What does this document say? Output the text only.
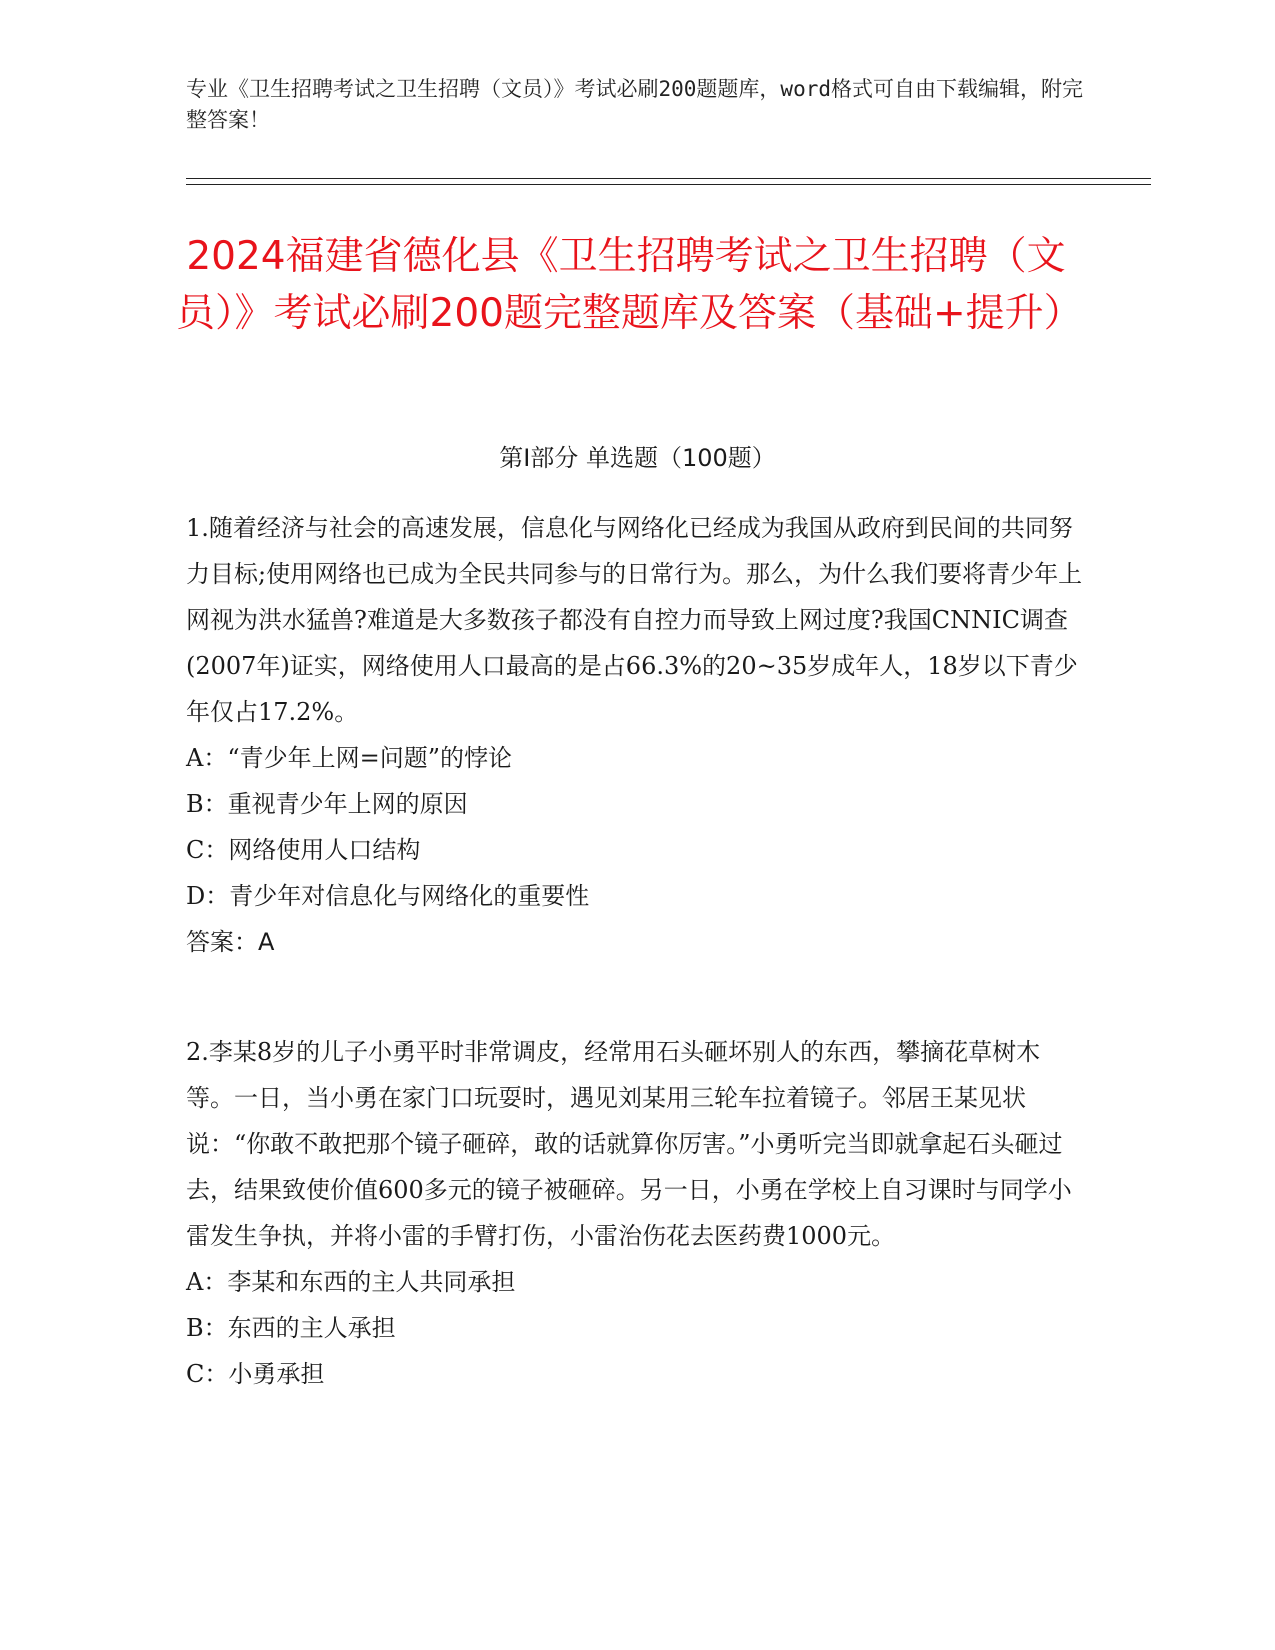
专业《卫生招聘考试之卫生招聘（文员）》考试必刷200题题库，word格式可自由下载编辑，附完整答案！
2024福建省德化县《卫生招聘考试之卫生招聘（文员）》考试必刷200题完整题库及答案（基础+提升）
第Ⅰ部分 单选题（100题）

1.随着经济与社会的高速发展，信息化与网络化已经成为我国从政府到民间的共同努力目标;使用网络也已成为全民共同参与的日常行为。那么，为什么我们要将青少年上网视为洪水猛兽?难道是大多数孩子都没有自控力而导致上网过度?我国CNNIC调查(2007年)证实，网络使用人口最高的是占66.3%的20~35岁成年人，18岁以下青少年仅占17.2%。

A：“青少年上网=问题”的悖论

B：重视青少年上网的原因

C：网络使用人口结构

D：青少年对信息化与网络化的重要性

答案：A

2.李某8岁的儿子小勇平时非常调皮，经常用石头砸坏别人的东西，攀摘花草树木等。一日，当小勇在家门口玩耍时，遇见刘某用三轮车拉着镜子。邻居王某见状说：“你敢不敢把那个镜子砸碎，敢的话就算你厉害。”小勇听完当即就拿起石头砸过去，结果致使价值600多元的镜子被砸碎。另一日，小勇在学校上自习课时与同学小雷发生争执，并将小雷的手臂打伤，小雷治伤花去医药费1000元。

A：李某和东西的主人共同承担

B：东西的主人承担

C：小勇承担
